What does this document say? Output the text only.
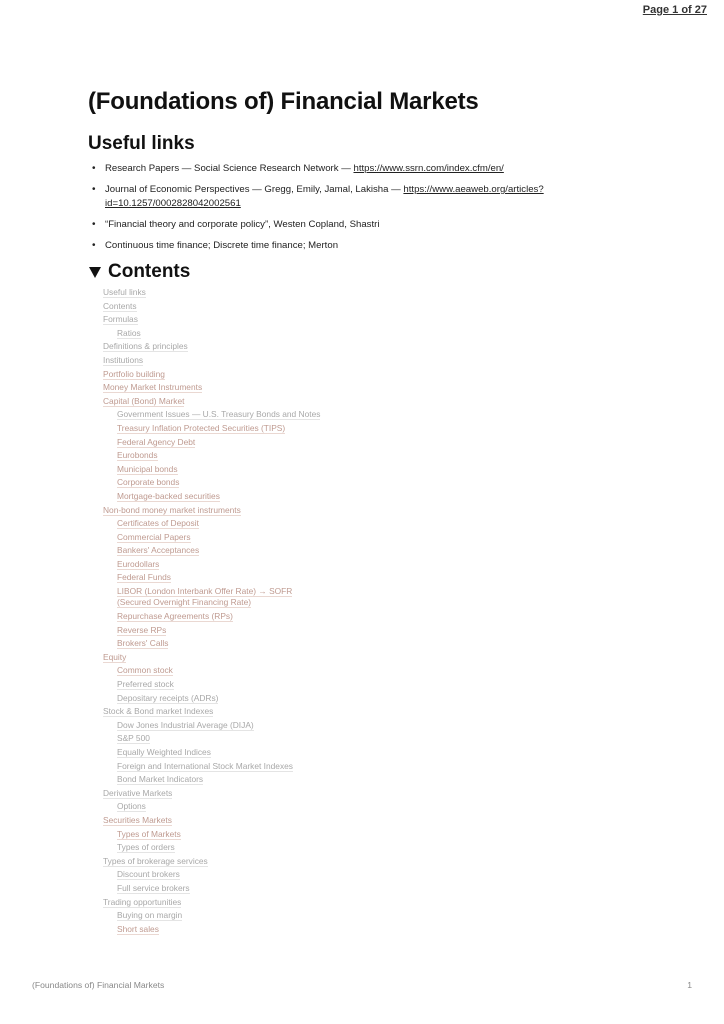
Page 1 of 27
(Foundations of) Financial Markets
Useful links
• Research Papers — Social Science Research Network — https://www.ssrn.com/index.cfm/en/
• Journal of Economic Perspectives — Gregg, Emily, Jamal, Lakisha — https://www.aeaweb.org/articles?id=10.1257/0002828042002561
• “Financial theory and corporate policy”, Westen Copland, Shastri
• Continuous time finance; Discrete time finance; Merton
Contents
Useful links
Contents
Formulas
Ratios
Definitions & principles
Institutions
Portfolio building
Money Market Instruments
Capital (Bond) Market
Government Issues — U.S. Treasury Bonds and Notes
Treasury Inflation Protected Securities (TIPS)
Federal Agency Debt
Eurobonds
Municipal bonds
Corporate bonds
Mortgage-backed securities
Non-bond money market instruments
Certificates of Deposit
Commercial Papers
Bankers' Acceptances
Eurodollars
Federal Funds
LIBOR (London Interbank Offer Rate) → SOFR (Secured Overnight Financing Rate)
Repurchase Agreements (RPs)
Reverse RPs
Brokers' Calls
Equity
Common stock
Preferred stock
Depositary receipts (ADRs)
Stock & Bond market Indexes
Dow Jones Industrial Average (DIJA)
S&P 500
Equally Weighted Indices
Foreign and International Stock Market Indexes
Bond Market Indicators
Derivative Markets
Options
Securities Markets
Types of Markets
Types of orders
Types of brokerage services
Discount brokers
Full service brokers
Trading opportunities
Buying on margin
Short sales
(Foundations of) Financial Markets	1
